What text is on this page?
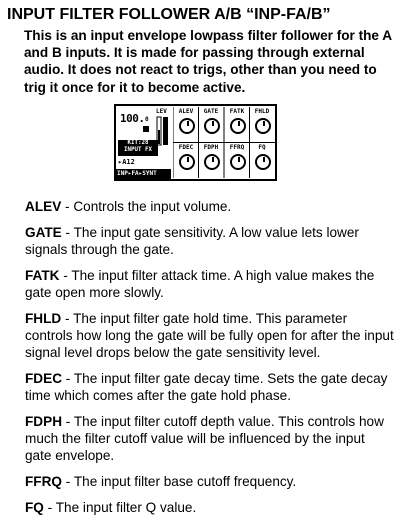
INPUT FILTER FOLLOWER A/B “INP-FA/B”
This is an input envelope lowpass filter follower for the A and B inputs. It is made for passing through external audio. It does not react to trigs, other than you need to trig it once for it to become active.
100. 0
LEV
KIT:28
INPUT FX
▸A12
INP▸FA▸SYNT
ALEV	GATE	FATK	FHLD
FDEC	FDPH	FFRQ	FQ
ALEV - Controls the input volume.
GATE - The input gate sensitivity. A low value lets lower signals through the gate.
FATK - The input filter attack time. A high value makes the gate open more slowly.
FHLD - The input filter gate hold time. This parameter controls how long the gate will be fully open for after the input signal level drops below the gate sensitivity level.
FDEC - The input filter gate decay time. Sets the gate decay time which comes after the gate hold phase.
FDPH - The input filter cutoff depth value. This controls how much the filter cutoff value will be influenced by the input gate envelope.
FFRQ - The input filter base cutoff frequency.
FQ - The input filter Q value.
